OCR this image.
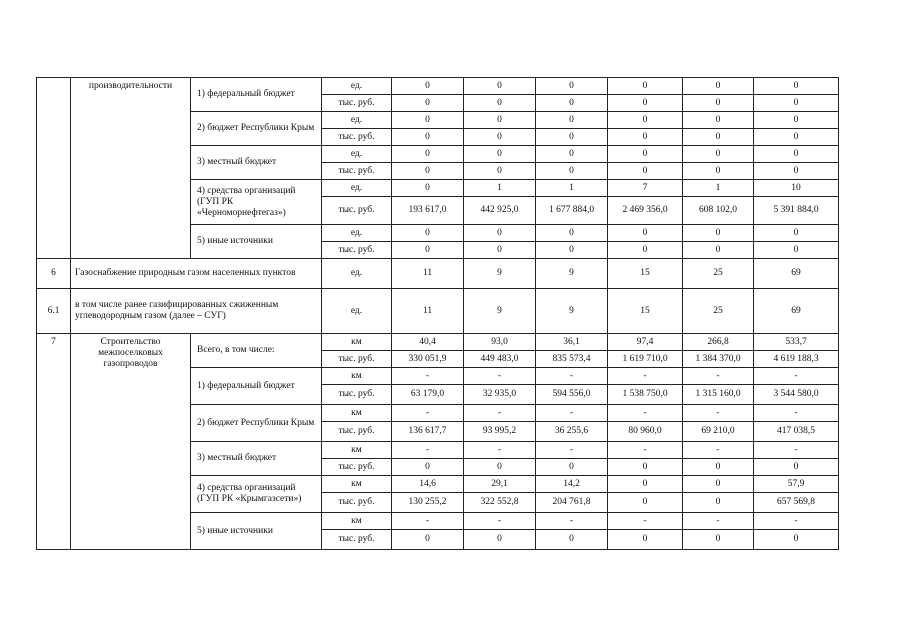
	производительности	1) федеральный бюджет	ед.	0	0	0	0	0	0
			тыс. руб.	0	0	0	0	0	0
		2) бюджет Республики Крым	ед.	0	0	0	0	0	0
			тыс. руб.	0	0	0	0	0	0
		3) местный бюджет	ед.	0	0	0	0	0	0
			тыс. руб.	0	0	0	0	0	0
		4) средства организаций (ГУП РК «Черноморнефтегаз»)	ед.	0	1	1	7	1	10
			тыс. руб.	193 617,0	442 925,0	1 677 884,0	2 469 356,0	608 102,0	5 391 884,0
		5) иные источники	ед.	0	0	0	0	0	0
			тыс. руб.	0	0	0	0	0	0
6	Газоснабжение природным газом населенных пунктов		ед.	11	9	9	15	25	69
6.1	в том числе ранее газифицированных сжиженным углеводородным газом (далее – СУГ)		ед.	11	9	9	15	25	69
7	Строительство межпоселковых газопроводов	Всего, в том числе:	км	40,4	93,0	36,1	97,4	266,8	533,7
			тыс. руб.	330 051,9	449 483,0	835 573,4	1 619 710,0	1 384 370,0	4 619 188,3
		1) федеральный бюджет	км	-	-	-	-	-	-
			тыс. руб.	63 179,0	32 935,0	594 556,0	1 538 750,0	1 315 160,0	3 544 580,0
		2) бюджет Республики Крым	км	-	-	-	-	-	-
			тыс. руб.	136 617,7	93 995,2	36 255,6	80 960,0	69 210,0	417 038,5
		3) местный бюджет	км	-	-	-	-	-	-
			тыс. руб.	0	0	0	0	0	0
		4) средства организаций (ГУП РК «Крымгазсети»)	км	14,6	29,1	14,2	0	0	57,9
			тыс. руб.	130 255,2	322 552,8	204 761,8	0	0	657 569,8
		5) иные источники	км	-	-	-	-	-	-
			тыс. руб.	0	0	0	0	0	0
